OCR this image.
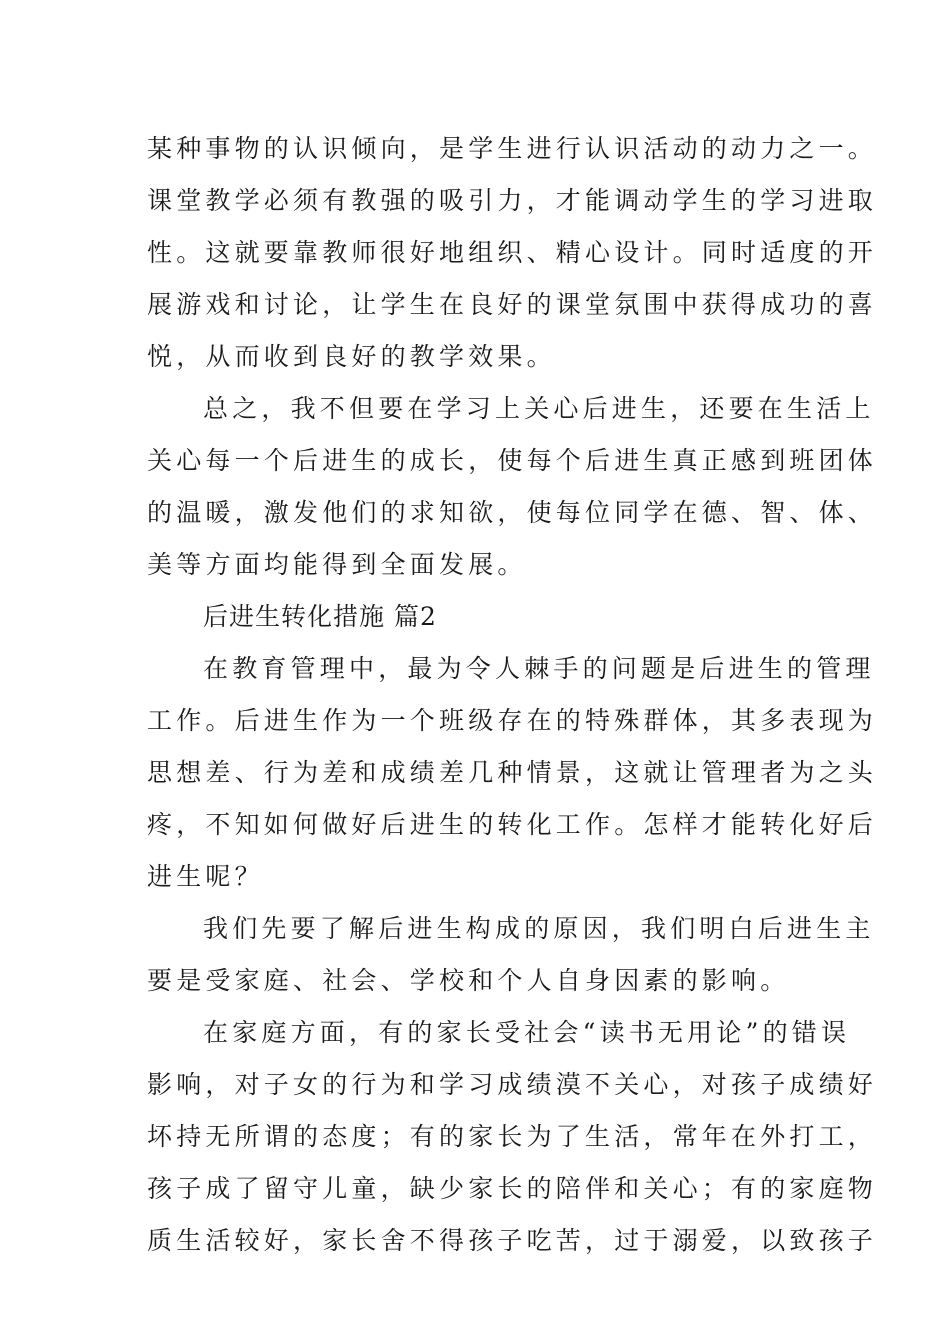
某种事物的认识倾向，是学生进行认识活动的动力之一。
课堂教学必须有教强的吸引力，才能调动学生的学习进取
性。这就要靠教师很好地组织、精心设计。同时适度的开
展游戏和讨论，让学生在良好的课堂氛围中获得成功的喜
悦，从而收到良好的教学效果。
总之，我不但要在学习上关心后进生，还要在生活上
关心每一个后进生的成长，使每个后进生真正感到班团体
的温暖，激发他们的求知欲，使每位同学在德、智、体、
美等方面均能得到全面发展。
后进生转化措施 篇2
在教育管理中，最为令人棘手的问题是后进生的管理
工作。后进生作为一个班级存在的特殊群体，其多表现为
思想差、行为差和成绩差几种情景，这就让管理者为之头
疼，不知如何做好后进生的转化工作。怎样才能转化好后
进生呢？
我们先要了解后进生构成的原因，我们明白后进生主
要是受家庭、社会、学校和个人自身因素的影响。
在家庭方面，有的家长受社会“读书无用论”的错误
影响，对子女的行为和学习成绩漠不关心，对孩子成绩好
坏持无所谓的态度；有的家长为了生活，常年在外打工，
孩子成了留守儿童，缺少家长的陪伴和关心；有的家庭物
质生活较好，家长舍不得孩子吃苦，过于溺爱，以致孩子
